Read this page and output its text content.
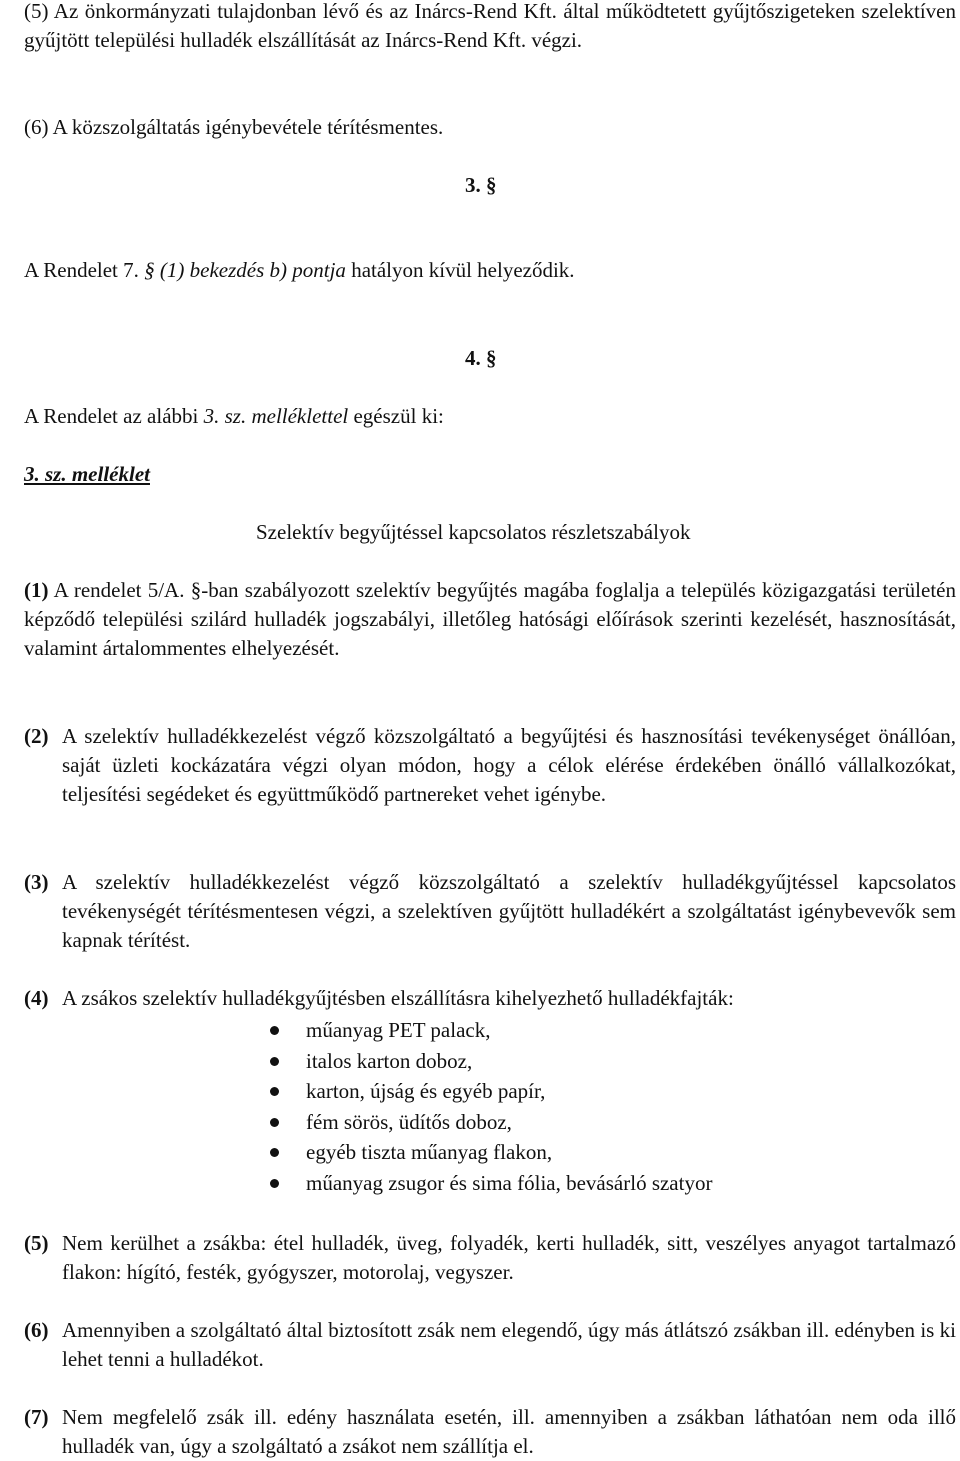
(5) Az önkormányzati tulajdonban lévő és az Inárcs-Rend Kft. által működtetett gyűjtőszigeteken szelektíven gyűjtött települési hulladék elszállítását az Inárcs-Rend Kft. végzi.
(6) A közszolgáltatás igénybevétele térítésmentes.
3. §
A Rendelet 7. § (1) bekezdés b) pontja hatályon kívül helyeződik.
4. §
A Rendelet az alábbi 3. sz. melléklettel egészül ki:
3. sz. melléklet
Szelektív begyűjtéssel kapcsolatos részletszabályok
(1) A rendelet 5/A. §-ban szabályozott szelektív begyűjtés magába foglalja a település közigazgatási területén képződő települési szilárd hulladék jogszabályi, illetőleg hatósági előírások szerinti kezelését, hasznosítását, valamint ártalommentes elhelyezését.
(2) A szelektív hulladékkezelést végző közszolgáltató a begyűjtési és hasznosítási tevékenységet önállóan, saját üzleti kockázatára végzi olyan módon, hogy a célok elérése érdekében önálló vállalkozókat, teljesítési segédeket és együttműködő partnereket vehet igénybe.
(3) A szelektív hulladékkezelést végző közszolgáltató a szelektív hulladékgyűjtéssel kapcsolatos tevékenységét térítésmentesen végzi, a szelektíven gyűjtött hulladékért a szolgáltatást igénybevevők sem kapnak térítést.
(4) A zsákos szelektív hulladékgyűjtésben elszállításra kihelyezhető hulladékfajták:
műanyag PET palack,
italos karton doboz,
karton, újság és egyéb papír,
fém sörös, üdítős doboz,
egyéb tiszta műanyag flakon,
műanyag zsugor és sima fólia, bevásárló szatyor
(5) Nem kerülhet a zsákba: étel hulladék, üveg, folyadék, kerti hulladék, sitt, veszélyes anyagot tartalmazó flakon: hígító, festék, gyógyszer, motorolaj, vegyszer.
(6) Amennyiben a szolgáltató által biztosított zsák nem elegendő, úgy más átlátszó zsákban ill. edényben is ki lehet tenni a hulladékot.
(7) Nem megfelelő zsák ill. edény használata esetén, ill. amennyiben a zsákban láthatóan nem oda illő hulladék van, úgy a szolgáltató a zsákot nem szállítja el.
